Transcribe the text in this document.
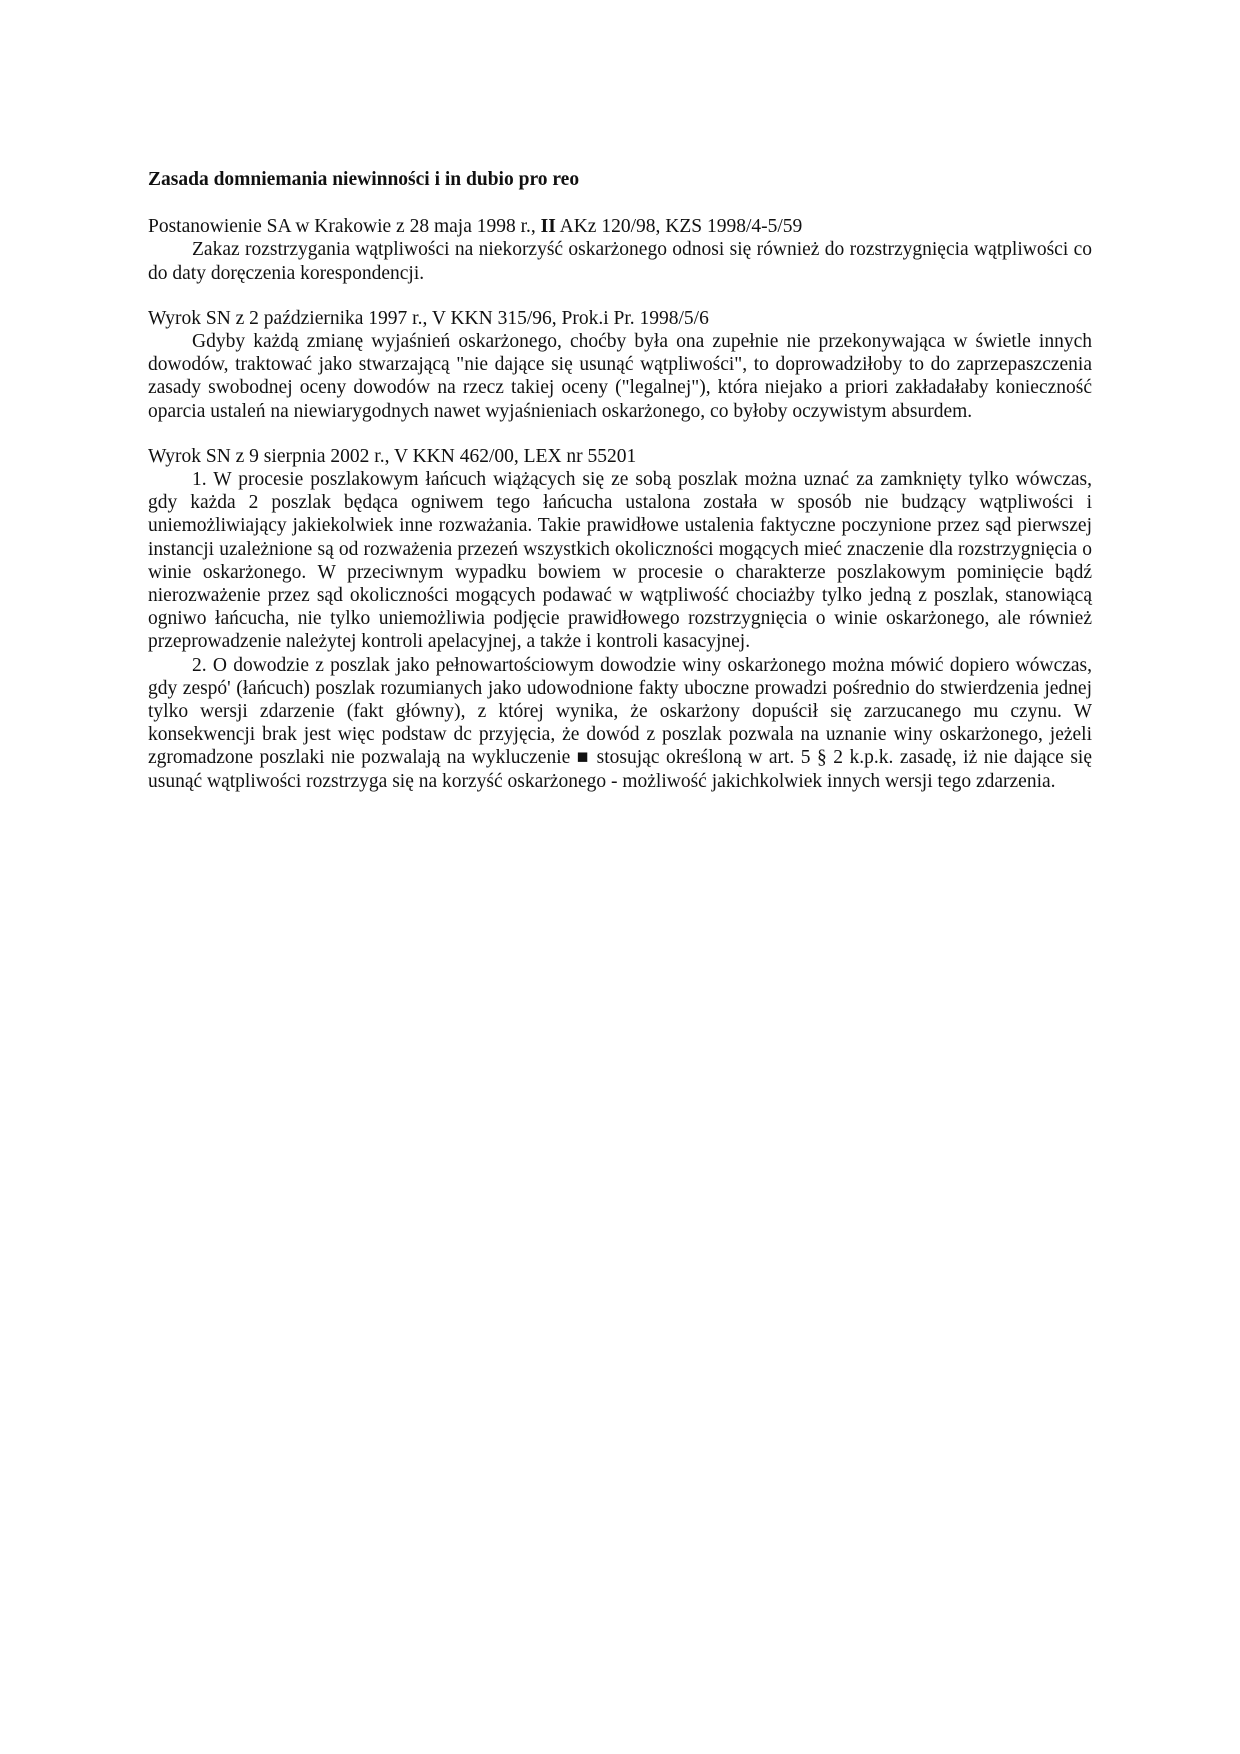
Zasada domniemania niewinności i in dubio pro reo
Postanowienie SA w Krakowie z 28 maja 1998 r., II AKz 120/98, KZS 1998/4-5/59

Zakaz rozstrzygania wątpliwości na niekorzyść oskarżonego odnosi się również do rozstrzygnięcia wątpliwości co do daty doręczenia korespondencji.

Wyrok SN z 2 października 1997 r., V KKN 315/96, Prok.i Pr. 1998/5/6

Gdyby każdą zmianę wyjaśnień oskarżonego, choćby była ona zupełnie nie przekonywająca w świetle innych dowodów, traktować jako stwarzającą "nie dające się usunąć wątpliwości", to doprowadziłoby to do zaprzepaszczenia zasady swobodnej oceny dowodów na rzecz takiej oceny ("legalnej"), która niejako a priori zakładałaby konieczność oparcia ustaleń na niewiarygodnych nawet wyjaśnieniach oskarżonego, co byłoby oczywistym absurdem.

Wyrok SN z 9 sierpnia 2002 r., V KKN 462/00, LEX nr 55201

1. W procesie poszlakowym łańcuch wiążących się ze sobą poszlak można uznać za zamknięty tylko wówczas, gdy każda 2 poszlak będąca ogniwem tego łańcucha ustalona została w sposób nie budzący wątpliwości i uniemożliwiający jakiekolwiek inne rozważania. Takie prawidłowe ustalenia faktyczne poczynione przez sąd pierwszej instancji uzależnione są od rozważenia przezeń wszystkich okoliczności mogących mieć znaczenie dla rozstrzygnięcia o winie oskarżonego. W przeciwnym wypadku bowiem w procesie o charakterze poszlakowym pominięcie bądź nierozważenie przez sąd okoliczności mogących podawać w wątpliwość chociażby tylko jedną z poszlak, stanowiącą ogniwo łańcucha, nie tylko uniemożliwia podjęcie prawidłowego rozstrzygnięcia o winie oskarżonego, ale również przeprowadzenie należytej kontroli apelacyjnej, a także i kontroli kasacyjnej.

2. O dowodzie z poszlak jako pełnowartościowym dowodzie winy oskarżonego można mówić dopiero wówczas, gdy zespó' (łańcuch) poszlak rozumianych jako udowodnione fakty uboczne prowadzi pośrednio do stwierdzenia jednej tylko wersji zdarzenie (fakt główny), z której wynika, że oskarżony dopuścił się zarzucanego mu czynu. W konsekwencji brak jest więc podstaw dc przyjęcia, że dowód z poszlak pozwala na uznanie winy oskarżonego, jeżeli zgromadzone poszlaki nie pozwalają na wykluczenie ■ stosując określoną w art. 5 § 2 k.p.k. zasadę, iż nie dające się usunąć wątpliwości rozstrzyga się na korzyść oskarżonego - możliwość jakichkolwiek innych wersji tego zdarzenia.
